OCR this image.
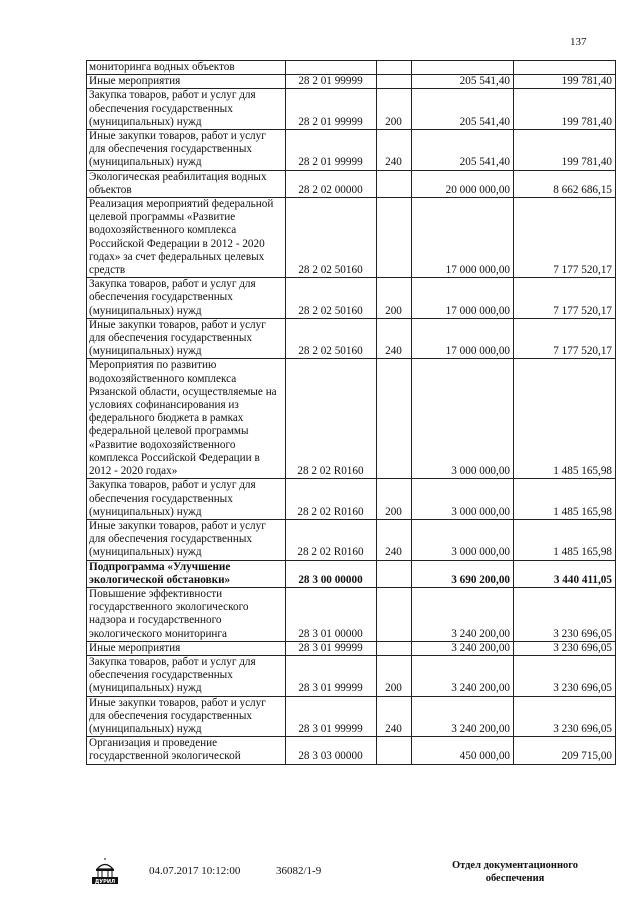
137
мониторинга водных объектов				
Иные мероприятия	28 2 01 99999		205 541,40	199 781,40
Закупка товаров, работ и услуг для обеспечения государственных (муниципальных) нужд	28 2 01 99999	200	205 541,40	199 781,40
Иные закупки товаров, работ и услуг для обеспечения государственных (муниципальных) нужд	28 2 01 99999	240	205 541,40	199 781,40
Экологическая реабилитация водных объектов	28 2 02 00000		20 000 000,00	8 662 686,15
Реализация мероприятий федеральной целевой программы «Развитие водохозяйственного комплекса Российской Федерации в 2012 - 2020 годах» за счет федеральных целевых средств	28 2 02 50160		17 000 000,00	7 177 520,17
Закупка товаров, работ и услуг для обеспечения государственных (муниципальных) нужд	28 2 02 50160	200	17 000 000,00	7 177 520,17
Иные закупки товаров, работ и услуг для обеспечения государственных (муниципальных) нужд	28 2 02 50160	240	17 000 000,00	7 177 520,17
Мероприятия по развитию водохозяйственного комплекса Рязанской области, осуществляемые на условиях софинансирования из федерального бюджета в рамках федеральной целевой программы «Развитие водохозяйственного комплекса Российской Федерации в 2012 - 2020 годах»	28 2 02 R0160		3 000 000,00	1 485 165,98
Закупка товаров, работ и услуг для обеспечения государственных (муниципальных) нужд	28 2 02 R0160	200	3 000 000,00	1 485 165,98
Иные закупки товаров, работ и услуг для обеспечения государственных (муниципальных) нужд	28 2 02 R0160	240	3 000 000,00	1 485 165,98
Подпрограмма «Улучшение экологической обстановки»	28 3 00 00000		3 690 200,00	3 440 411,05
Повышение эффективности государственного экологического надзора и государственного экологического мониторинга	28 3 01 00000		3 240 200,00	3 230 696,05
Иные мероприятия	28 3 01 99999		3 240 200,00	3 230 696,05
Закупка товаров, работ и услуг для обеспечения государственных (муниципальных) нужд	28 3 01 99999	200	3 240 200,00	3 230 696,05
Иные закупки товаров, работ и услуг для обеспечения государственных (муниципальных) нужд	28 3 01 99999	240	3 240 200,00	3 230 696,05
Организация и проведение государственной экологической	28 3 03 00000		450 000,00	209 715,00
ДУРИЛ
04.07.2017 10:12:00	36082/1-9	Отдел документационного
обеспечения
